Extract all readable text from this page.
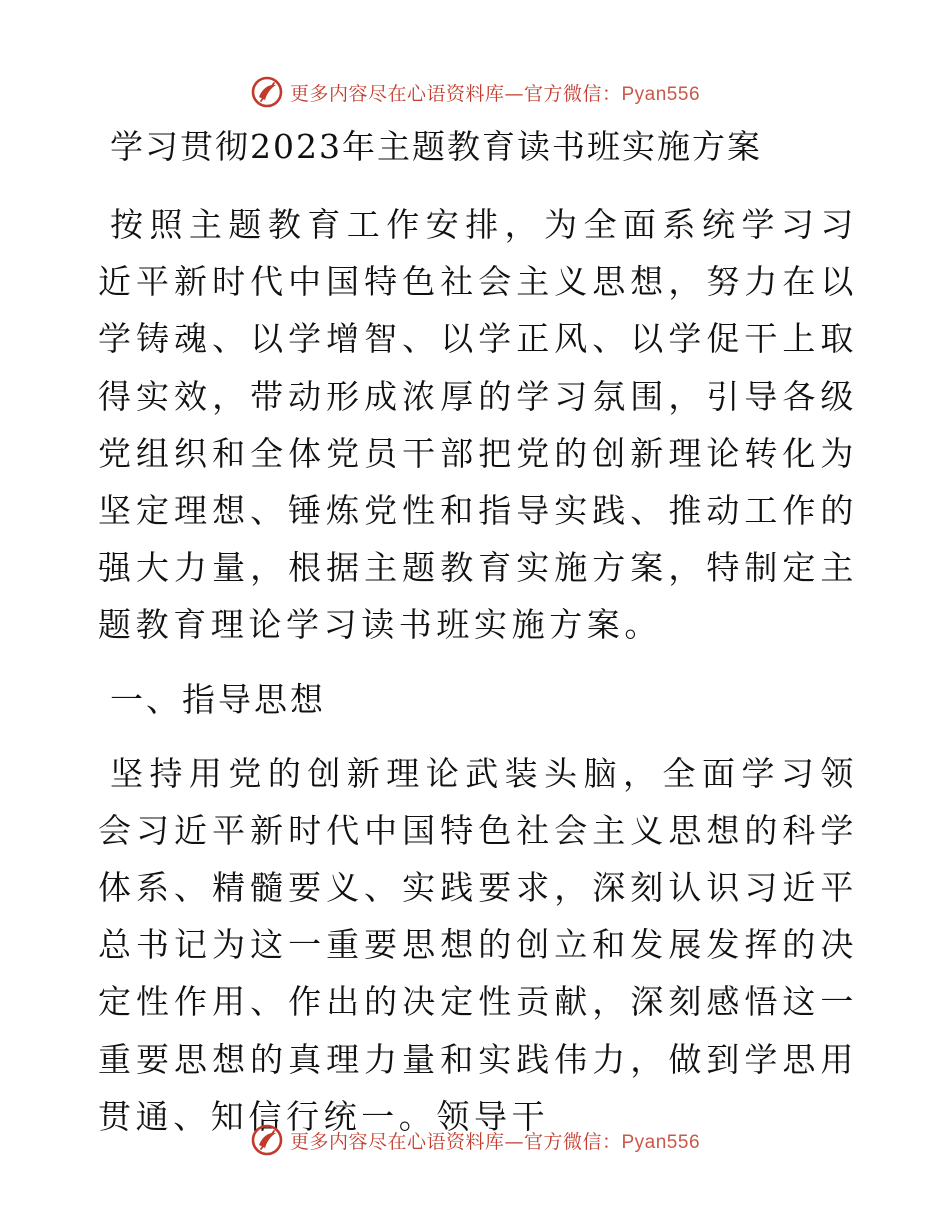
更多内容尽在心语资料库—官方微信：Pyan556
学习贯彻2023年主题教育读书班实施方案

按照主题教育工作安排，为全面系统学习习近平新时代中国特色社会主义思想，努力在以学铸魂、以学增智、以学正风、以学促干上取得实效，带动形成浓厚的学习氛围，引导各级党组织和全体党员干部把党的创新理论转化为坚定理想、锤炼党性和指导实践、推动工作的强大力量，根据主题教育实施方案，特制定主题教育理论学习读书班实施方案。

一、指导思想

坚持用党的创新理论武装头脑，全面学习领会习近平新时代中国特色社会主义思想的科学体系、精髓要义、实践要求，深刻认识习近平总书记为这一重要思想的创立和发展发挥的决定性作用、作出的决定性贡献，深刻感悟这一重要思想的真理力量和实践伟力，做到学思用贯通、知信行统一。领导干

更多内容尽在心语资料库—官方微信：Pyan556
